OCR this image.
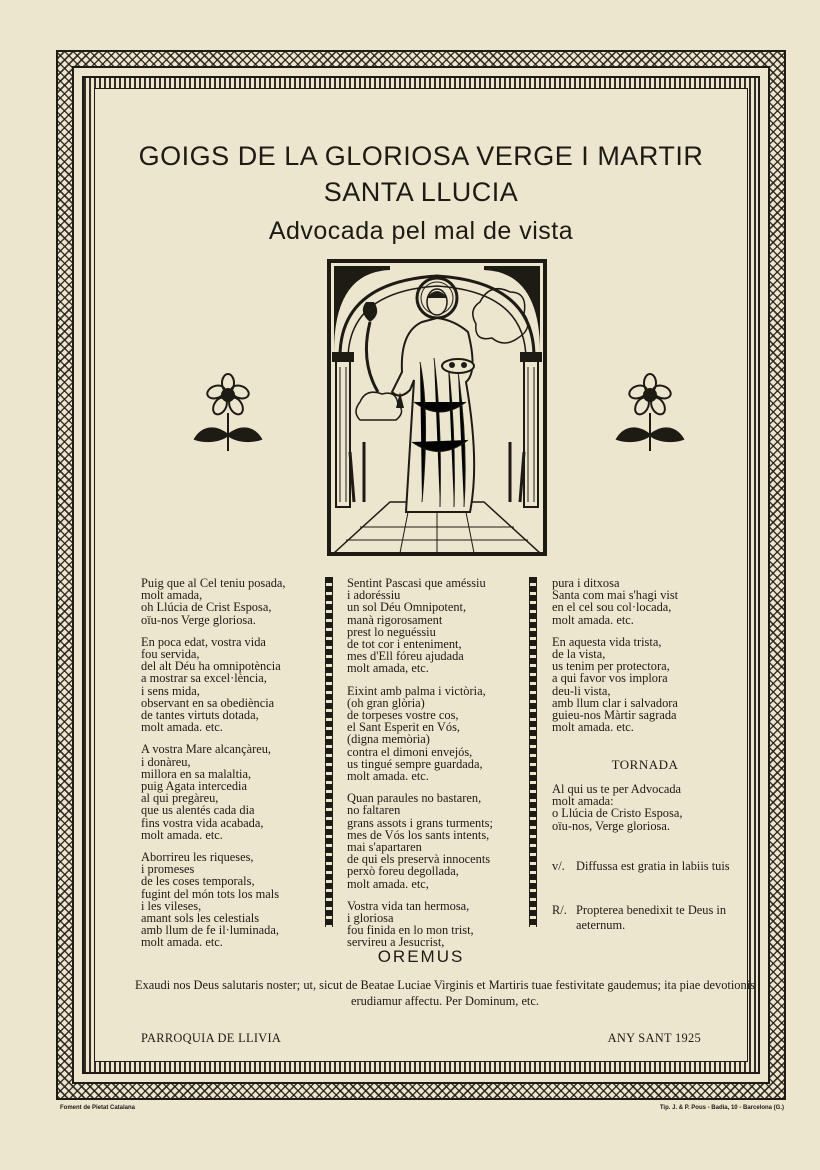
GOIGS DE LA GLORIOSA VERGE I MARTIR
SANTA LLUCIA
Advocada pel mal de vista

Puig que al Cel teniu posada,
molt amada,
oh Llúcia de Crist Esposa,
oïu-nos Verge gloriosa.

En poca edat, vostra vida
fou servida,
del alt Déu ha omnipotència
a mostrar sa excel·lència,
i sens mida,
observant en sa obediència
de tantes virtuts dotada,
molt amada. etc.

A vostra Mare alcançàreu,
i donàreu,
millora en sa malaltia,
puig Agata intercedia
al qui pregàreu,
que us alentés cada dia
fins vostra vida acabada,
molt amada. etc.

Aborrireu les riqueses,
i promeses
de les coses temporals,
fugint del món tots los mals
i les vileses,
amant sols les celestials
amb llum de fe il·luminada,
molt amada. etc.

Sentint Pascasi que améssiu
i adoréssiu
un sol Déu Omnipotent,
manà rigorosament
prest lo neguéssiu
de tot cor i enteniment,
mes d'Ell fóreu ajudada
molt amada, etc.

Eixint amb palma i victòria,
(oh gran glòria)
de torpeses vostre cos,
el Sant Esperit en Vós,
(digna memòria)
contra el dimoni envejós,
us tingué sempre guardada,
molt amada. etc.

Quan paraules no bastaren,
no faltaren
grans assots i grans turments;
mes de Vós los sants intents,
mai s'apartaren
de qui els preservà innocents
perxò foreu degollada,
molt amada. etc,

Vostra vida tan hermosa,
i gloriosa
fou finida en lo mon trist,
servireu a Jesucrist,

pura i ditxosa
Santa com mai s'hagi vist
en el cel sou col·locada,
molt amada. etc.

En aquesta vida trista,
de la vista,
us tenim per protectora,
a qui favor vos implora
deu-li vista,
amb llum clar i salvadora
guieu-nos Màrtir sagrada
molt amada. etc.

TORNADA
Al qui us te per Advocada
molt amada:
o Llúcia de Cristo Esposa,
oïu-nos, Verge gloriosa.
v/. Diffussa est gratia in labiis tuis
R/. Propterea benedixit te Deus in aeternum.
OREMUS
Exaudi nos Deus salutaris noster; ut, sicut de Beatae Luciae Virginis et Martiris tuae festivitate gaudemus; ita piae devotionis erudiamur affectu. Per Dominum, etc.
PARROQUIA DE LLIVIA	ANY SANT 1925
Foment de Pietat Catalana	Tip. J. & P. Pous - Badia, 10 - Barcelona (G.)
